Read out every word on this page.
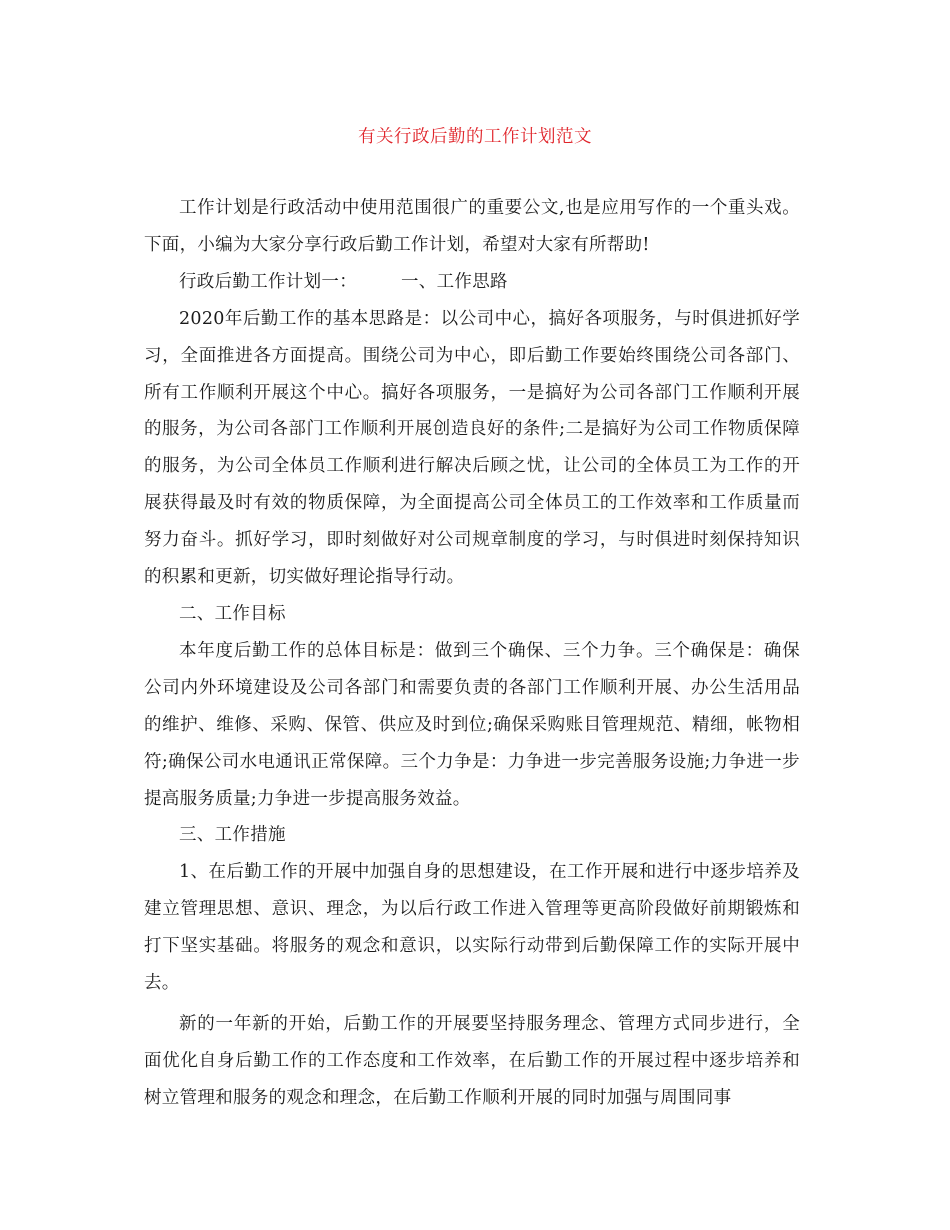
有关行政后勤的工作计划范文

工作计划是行政活动中使用范围很广的重要公文,也是应用写作的一个重头戏。下面，小编为大家分享行政后勤工作计划，希望对大家有所帮助!

行政后勤工作计划一：	一、工作思路

2020年后勤工作的基本思路是：以公司中心，搞好各项服务，与时俱进抓好学习，全面推进各方面提高。围绕公司为中心，即后勤工作要始终围绕公司各部门、所有工作顺利开展这个中心。搞好各项服务，一是搞好为公司各部门工作顺利开展的服务，为公司各部门工作顺利开展创造良好的条件;二是搞好为公司工作物质保障的服务，为公司全体员工作顺利进行解决后顾之忧，让公司的全体员工为工作的开展获得最及时有效的物质保障，为全面提高公司全体员工的工作效率和工作质量而努力奋斗。抓好学习，即时刻做好对公司规章制度的学习，与时俱进时刻保持知识的积累和更新，切实做好理论指导行动。

二、工作目标

本年度后勤工作的总体目标是：做到三个确保、三个力争。三个确保是：确保公司内外环境建设及公司各部门和需要负责的各部门工作顺利开展、办公生活用品的维护、维修、采购、保管、供应及时到位;确保采购账目管理规范、精细，帐物相符;确保公司水电通讯正常保障。三个力争是：力争进一步完善服务设施;力争进一步提高服务质量;力争进一步提高服务效益。

三、工作措施

1、在后勤工作的开展中加强自身的思想建设，在工作开展和进行中逐步培养及建立管理思想、意识、理念，为以后行政工作进入管理等更高阶段做好前期锻炼和打下坚实基础。将服务的观念和意识，以实际行动带到后勤保障工作的实际开展中去。

新的一年新的开始，后勤工作的开展要坚持服务理念、管理方式同步进行，全面优化自身后勤工作的工作态度和工作效率，在后勤工作的开展过程中逐步培养和树立管理和服务的观念和理念，在后勤工作顺利开展的同时加强与周围同事
